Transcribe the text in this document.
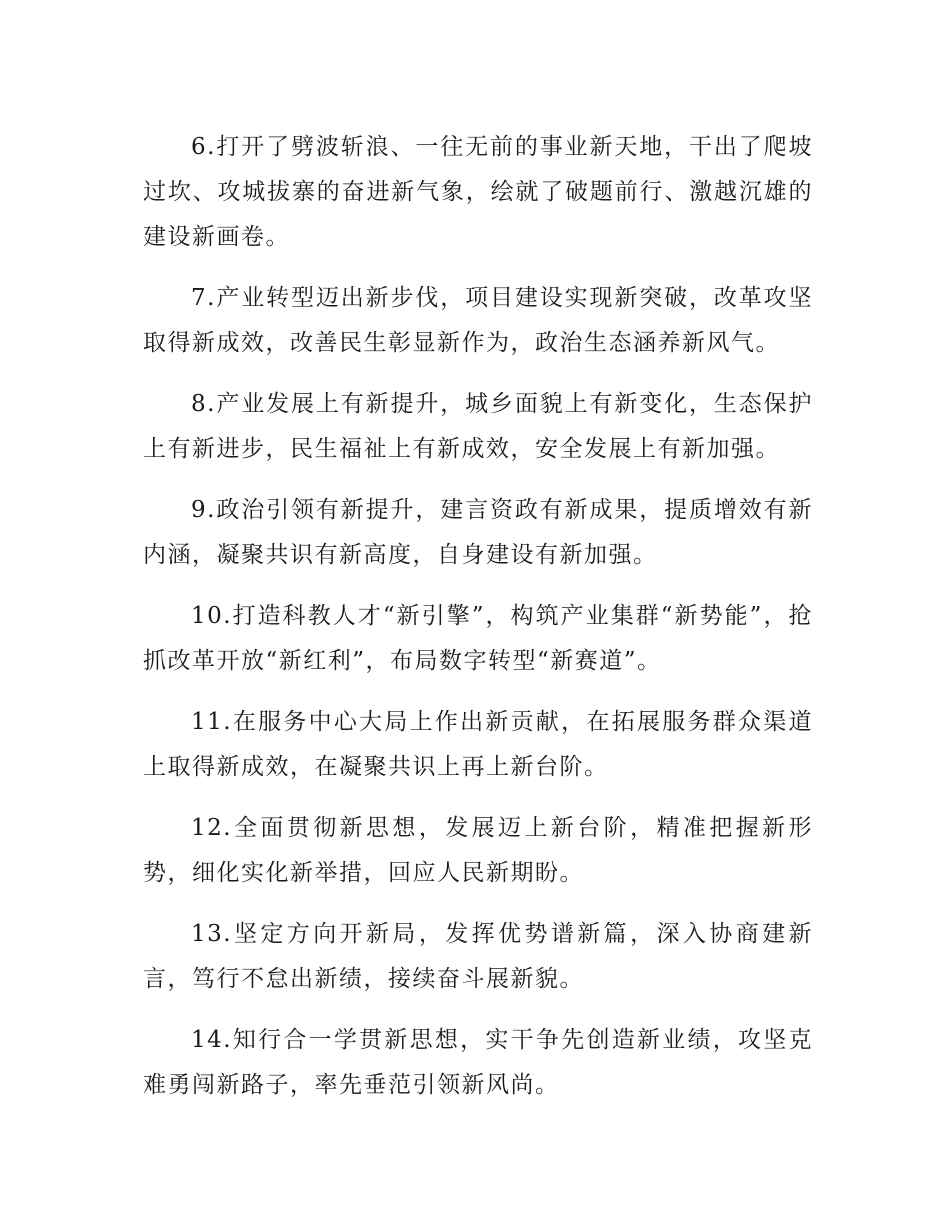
6.打开了劈波斩浪、一往无前的事业新天地，干出了爬坡过坎、攻城拔寨的奋进新气象，绘就了破题前行、激越沉雄的建设新画卷。

7.产业转型迈出新步伐，项目建设实现新突破，改革攻坚取得新成效，改善民生彰显新作为，政治生态涵养新风气。

8.产业发展上有新提升，城乡面貌上有新变化，生态保护上有新进步，民生福祉上有新成效，安全发展上有新加强。

9.政治引领有新提升，建言资政有新成果，提质增效有新内涵，凝聚共识有新高度，自身建设有新加强。

10.打造科教人才“新引擎”，构筑产业集群“新势能”，抢抓改革开放“新红利”，布局数字转型“新赛道”。

11.在服务中心大局上作出新贡献，在拓展服务群众渠道上取得新成效，在凝聚共识上再上新台阶。

12.全面贯彻新思想，发展迈上新台阶，精准把握新形势，细化实化新举措，回应人民新期盼。

13.坚定方向开新局，发挥优势谱新篇，深入协商建新言，笃行不怠出新绩，接续奋斗展新貌。

14.知行合一学贯新思想，实干争先创造新业绩，攻坚克难勇闯新路子，率先垂范引领新风尚。
